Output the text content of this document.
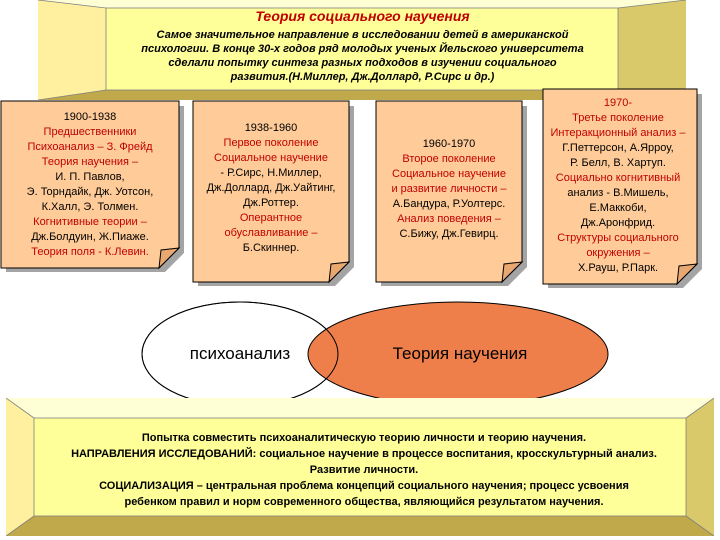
Теория социального научения
Самое значительное направление в исследовании детей в американской
психологии. В конце 30-х годов ряд молодых ученых Йельского университета
сделали попытку синтеза разных подходов в изучении социального
развития.(Н.Миллер, Дж.Доллард, Р.Сирс и др.)
1900-1938
Предшественники
Психоанализ – З. Фрейд
Теория научения –
И. П. Павлов,
Э. Торндайк, Дж. Уотсон,
К.Халл, Э. Толмен.
Когнитивные теории –
Дж.Болдуин, Ж.Пиаже.
Теория поля - К.Левин.
1938-1960
Первое поколение
Социальное научение
- Р.Сирс, Н.Миллер,
Дж.Доллард, Дж.Уайтинг,
Дж.Роттер.
Оперантное
обуславливание –
Б.Скиннер.
1960-1970
Второе поколение
Социальное научение
и развитие личности –
А.Бандура, Р.Уолтерс.
Анализ поведения –
С.Бижу, Дж.Гевирц.
1970-
Третье поколение
Интеракционный анализ –
Г.Петтерсон, А.Ярроу,
Р. Белл, В. Хартуп.
Социально когнитивный
анализ - В.Мишель,
Е.Маккоби,
Дж.Аронфрид.
Структуры социального
окружения –
Х.Рауш, Р.Парк.
психоанализ	Теория научения
Попытка совместить психоаналитическую теорию личности и теорию научения.
НАПРАВЛЕНИЯ ИССЛЕДОВАНИЙ: социальное научение в процессе воспитания, кросскультурный анализ.
Развитие личности.
СОЦИАЛИЗАЦИЯ – центральная проблема концепций социального научения; процесс усвоения
ребенком правил и норм современного общества, являющийся результатом научения.
